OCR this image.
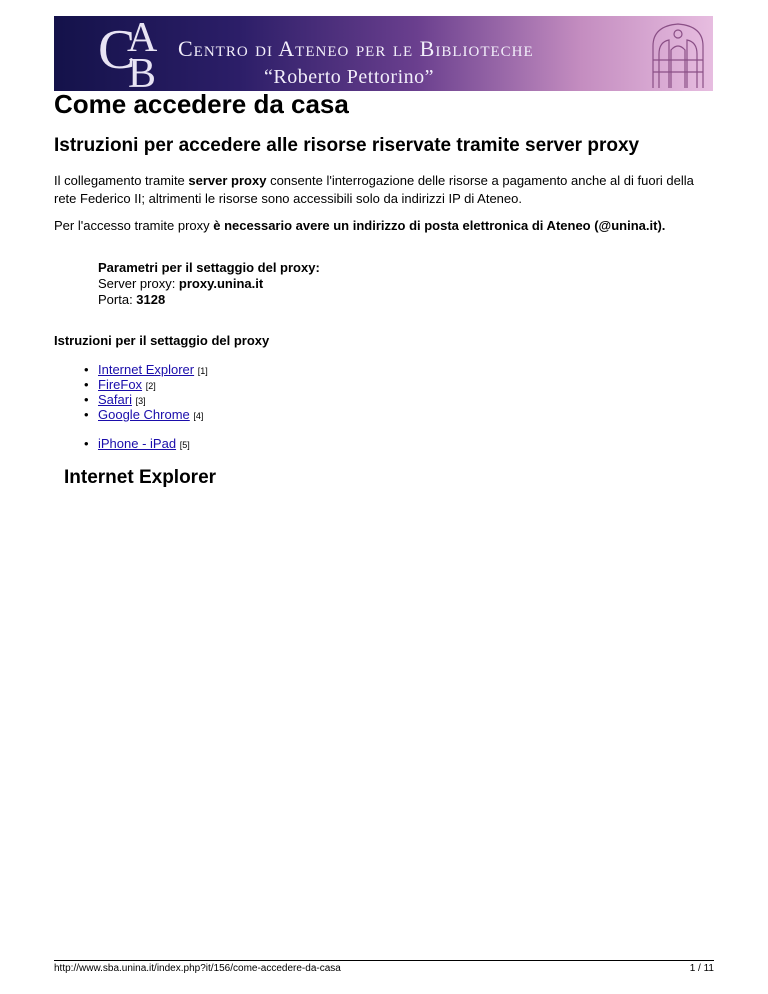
C
A
B
Centro di Ateneo per le Biblioteche
“Roberto Pettorino”
Come accedere da casa
Istruzioni per accedere alle risorse riservate tramite server proxy

Il collegamento tramite server proxy consente l'interrogazione delle risorse a pagamento anche al di fuori della
rete Federico II; altrimenti le risorse sono accessibili solo da indirizzi IP di Ateneo.

Per l'accesso tramite proxy è necessario avere un indirizzo di posta elettronica di Ateneo (@unina.it).

Parametri per il settaggio del proxy:
Server proxy: proxy.unina.it
Porta: 3128
Istruzioni per il settaggio del proxy
• Internet Explorer [1]
• FireFox [2]
• Safari [3]
• Google Chrome [4]
• iPhone - iPad [5]
Internet Explorer
http://www.sba.unina.it/index.php?it/156/come-accedere-da-casa	1 / 11
